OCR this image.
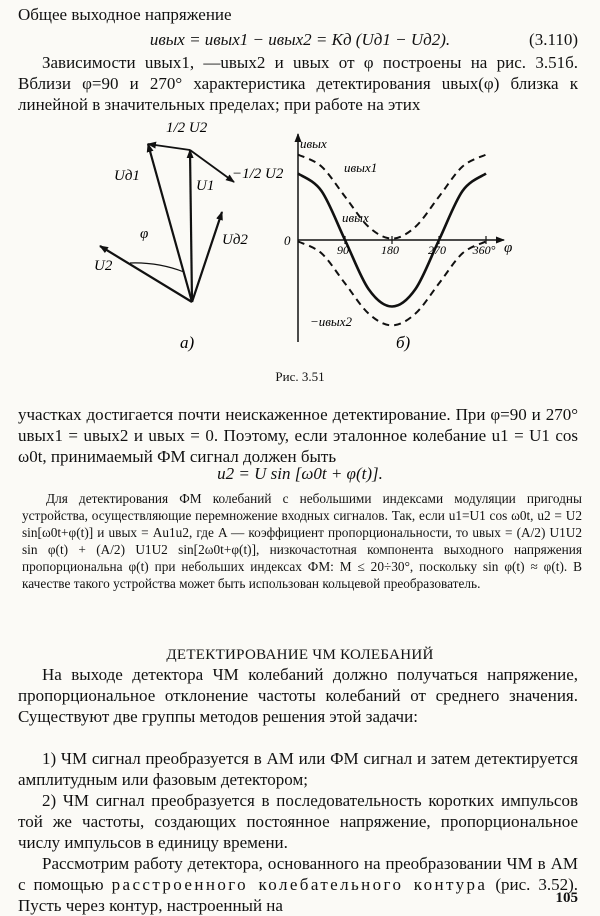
Общее выходное напряжение

uвых = uвых1 − uвых2 = Kд (Uд1 − Uд2).	(3.110)

Зависимости uвых1, —uвых2 и uвых от φ построены на рис. 3.51б. Вблизи φ=90 и 270° характеристика детектирования uвых(φ) близка к линейной в значительных пределах; при работе на этих

1/2 U2
Uд1
U1
−1/2 U2
φ	Uд2
U2
а)
uвых
0	φ
90	180 270 360°
uвых1
uвых
−uвых2
б)

Рис. 3.51

участках достигается почти неискаженное детектирование. При φ=90 и 270° uвых1 = uвых2 и uвых = 0. Поэтому, если эталонное колебание u1 = U1 cos ω0t, принимаемый ФМ сигнал должен быть

u2 = U sin [ω0t + φ(t)].

Для детектирования ФМ колебаний с небольшими индексами модуляции пригодны устройства, осуществляющие перемножение входных сигналов. Так, если u1=U1 cos ω0t, u2 = U2 sin[ω0t+φ(t)] и uвых = Au1u2, где A — коэффициент пропорциональности, то uвых = (A/2) U1U2 sin φ(t) + (A/2) U1U2 sin[2ω0t+φ(t)], низкочастотная компонента выходного напряжения пропорциональна φ(t) при небольших индексах ФМ: M ≤ 20÷30°, поскольку sin φ(t) ≈ φ(t). В качестве такого устройства может быть использован кольцевой преобразователь.

ДЕТЕКТИРОВАНИЕ ЧМ КОЛЕБАНИЙ

На выходе детектора ЧМ колебаний должно получаться напряжение, пропорциональное отклонение частоты колебаний от среднего значения. Существуют две группы методов решения этой задачи:

1) ЧМ сигнал преобразуется в АМ или ФМ сигнал и затем детектируется амплитудным или фазовым детектором;

2) ЧМ сигнал преобразуется в последовательность коротких импульсов той же частоты, создающих постоянное напряжение, пропорциональное числу импульсов в единицу времени.

Рассмотрим работу детектора, основанного на преобразовании ЧМ в АМ с помощью расстроенного колебательного контура (рис. 3.52). Пусть через контур, настроенный на	105
